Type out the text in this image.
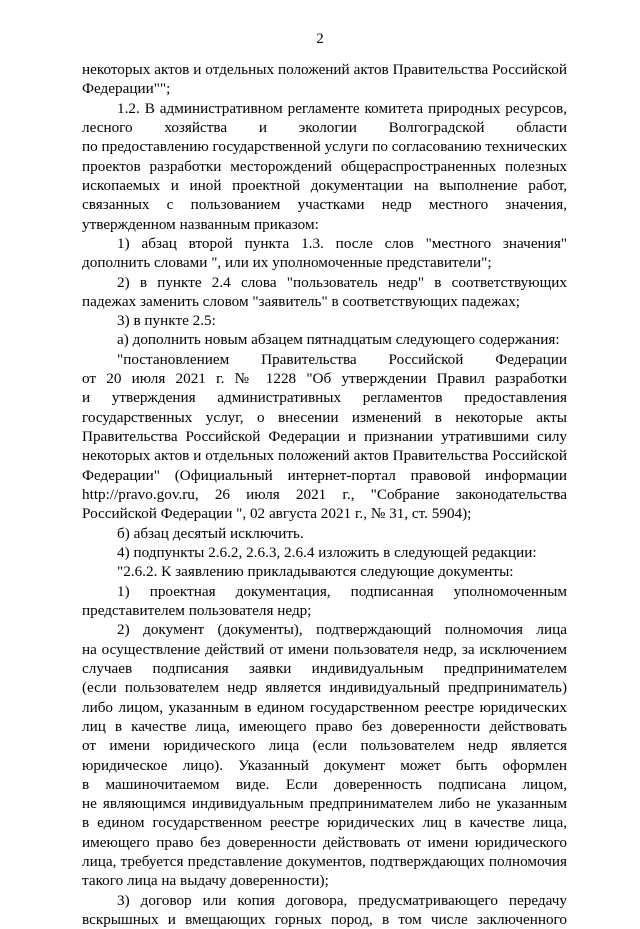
2
некоторых актов и отдельных положений актов Правительства Российской
Федерации"";
1.2. В административном регламенте комитета природных ресурсов,
лесного хозяйства и экологии Волгоградской области
по предоставлению государственной услуги по согласованию технических
проектов разработки месторождений общераспространенных полезных
ископаемых и иной проектной документации на выполнение работ,
связанных с пользованием участками недр местного значения,
утвержденном названным приказом:
1) абзац второй пункта 1.3. после слов "местного значения"
дополнить словами ", или их уполномоченные представители";
2) в пункте 2.4 слова "пользователь недр" в соответствующих
падежах заменить словом "заявитель" в соответствующих падежах;
3) в пункте 2.5:
а) дополнить новым абзацем пятнадцатым следующего содержания:
"постановлением Правительства Российской Федерации
от 20 июля 2021 г. № 1228 "Об утверждении Правил разработки
и утверждения административных регламентов предоставления
государственных услуг, о внесении изменений в некоторые акты
Правительства Российской Федерации и признании утратившими силу
некоторых актов и отдельных положений актов Правительства Российской
Федерации" (Официальный интернет-портал правовой информации
http://pravo.gov.ru, 26 июля 2021 г., "Собрание законодательства
Российской Федерации ", 02 августа 2021 г., № 31, ст. 5904);
б) абзац десятый исключить.
4) подпункты 2.6.2, 2.6.3, 2.6.4 изложить в следующей редакции:
"2.6.2. К заявлению прикладываются следующие документы:
1) проектная документация, подписанная уполномоченным
представителем пользователя недр;
2) документ (документы), подтверждающий полномочия лица
на осуществление действий от имени пользователя недр, за исключением
случаев подписания заявки индивидуальным предпринимателем
(если пользователем недр является индивидуальный предприниматель)
либо лицом, указанным в едином государственном реестре юридических
лиц в качестве лица, имеющего право без доверенности действовать
от имени юридического лица (если пользователем недр является
юридическое лицо). Указанный документ может быть оформлен
в машиночитаемом виде. Если доверенность подписана лицом,
не являющимся индивидуальным предпринимателем либо не указанным
в едином государственном реестре юридических лиц в качестве лица,
имеющего право без доверенности действовать от имени юридического
лица, требуется представление документов, подтверждающих полномочия
такого лица на выдачу доверенности);
3) договор или копия договора, предусматривающего передачу
вскрышных и вмещающих горных пород, в том числе заключенного
